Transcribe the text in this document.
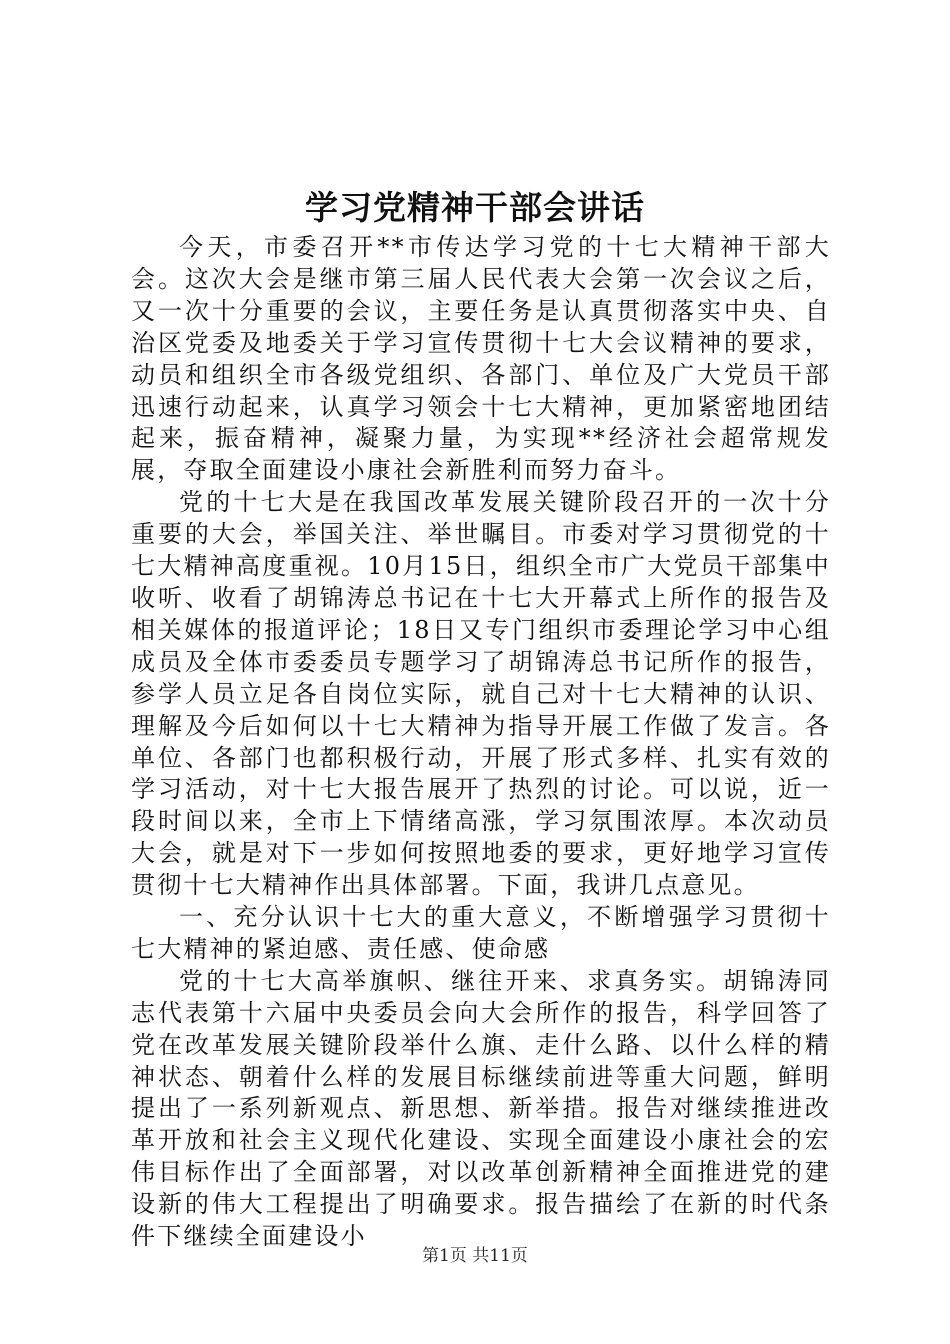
学习党精神干部会讲话

今天，市委召开**市传达学习党的十七大精神干部大会。这次大会是继市第三届人民代表大会第一次会议之后，又一次十分重要的会议，主要任务是认真贯彻落实中央、自治区党委及地委关于学习宣传贯彻十七大会议精神的要求，动员和组织全市各级党组织、各部门、单位及广大党员干部迅速行动起来，认真学习领会十七大精神，更加紧密地团结起来，振奋精神，凝聚力量，为实现**经济社会超常规发展，夺取全面建设小康社会新胜利而努力奋斗。

党的十七大是在我国改革发展关键阶段召开的一次十分重要的大会，举国关注、举世瞩目。市委对学习贯彻党的十七大精神高度重视。10月15日，组织全市广大党员干部集中收听、收看了胡锦涛总书记在十七大开幕式上所作的报告及相关媒体的报道评论；18日又专门组织市委理论学习中心组成员及全体市委委员专题学习了胡锦涛总书记所作的报告，参学人员立足各自岗位实际，就自己对十七大精神的认识、理解及今后如何以十七大精神为指导开展工作做了发言。各单位、各部门也都积极行动，开展了形式多样、扎实有效的学习活动，对十七大报告展开了热烈的讨论。可以说，近一段时间以来，全市上下情绪高涨，学习氛围浓厚。本次动员大会，就是对下一步如何按照地委的要求，更好地学习宣传贯彻十七大精神作出具体部署。下面，我讲几点意见。

一、充分认识十七大的重大意义，不断增强学习贯彻十七大精神的紧迫感、责任感、使命感

党的十七大高举旗帜、继往开来、求真务实。胡锦涛同志代表第十六届中央委员会向大会所作的报告，科学回答了党在改革发展关键阶段举什么旗、走什么路、以什么样的精神状态、朝着什么样的发展目标继续前进等重大问题，鲜明提出了一系列新观点、新思想、新举措。报告对继续推进改革开放和社会主义现代化建设、实现全面建设小康社会的宏伟目标作出了全面部署，对以改革创新精神全面推进党的建设新的伟大工程提出了明确要求。报告描绘了在新的时代条件下继续全面建设小

第1页 共11页
